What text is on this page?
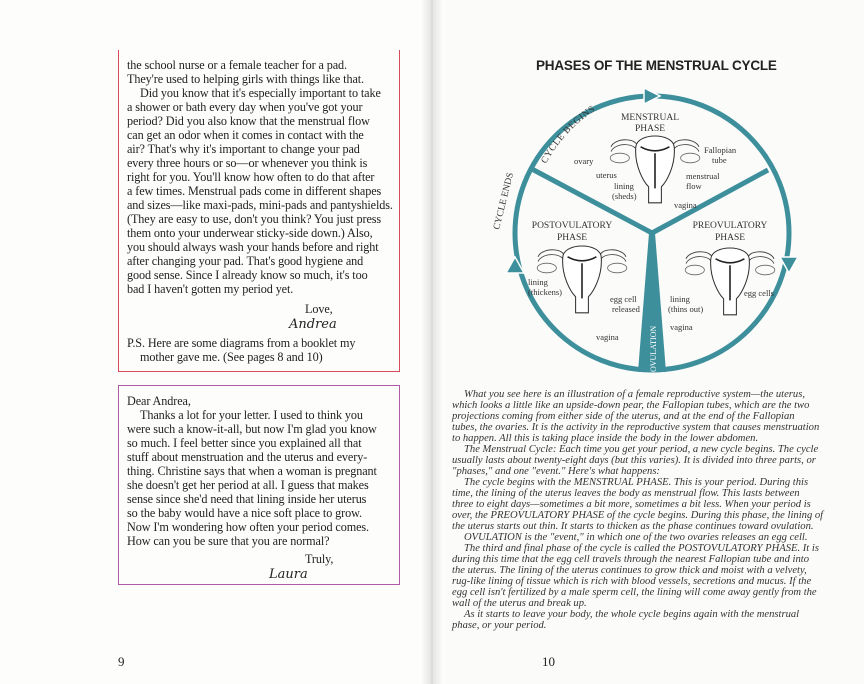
the school nurse or a female teacher for a pad.
They're used to helping girls with things like that.
Did you know that it's especially important to take
a shower or bath every day when you've got your
period? Did you also know that the menstrual flow
can get an odor when it comes in contact with the
air? That's why it's important to change your pad
every three hours or so—or whenever you think is
right for you. You'll know how often to do that after
a few times. Menstrual pads come in different shapes
and sizes—like maxi-pads, mini-pads and pantyshields.
(They are easy to use, don't you think? You just press
them onto your underwear sticky-side down.) Also,
you should always wash your hands before and right
after changing your pad. That's good hygiene and
good sense. Since I already know so much, it's too
bad I haven't gotten my period yet.
Love,
Andrea
P.S. Here are some diagrams from a booklet my
mother gave me. (See pages 8 and 10)
Dear Andrea,
Thanks a lot for your letter. I used to think you
were such a know-it-all, but now I'm glad you know
so much. I feel better since you explained all that
stuff about menstruation and the uterus and every-
thing. Christine says that when a woman is pregnant
she doesn't get her period at all. I guess that makes
sense since she'd need that lining inside her uterus
so the baby would have a nice soft place to grow.
Now I'm wondering how often your period comes.
How can you be sure that you are normal?
Truly,
Laura
9	10
PHASES OF THE MENSTRUAL CYCLE
CYCLE BEGINS
CYCLE ENDS
OVULATION
MENSTRUAL
PHASE
ovary
Fallopian
tube
uterus
lining
(sheds)
menstrual
flow
vagina
POSTOVULATORY
PHASE
lining
(thickens)
egg cell
released
vagina
PREOVULATORY
PHASE
lining
(thins out)
egg cells
vagina
What you see here is an illustration of a female reproductive system—the uterus,
which looks a little like an upside-down pear, the Fallopian tubes, which are the two
projections coming from either side of the uterus, and at the end of the Fallopian
tubes, the ovaries. It is the activity in the reproductive system that causes menstruation
to happen. All this is taking place inside the body in the lower abdomen.
The Menstrual Cycle: Each time you get your period, a new cycle begins. The cycle
usually lasts about twenty-eight days (but this varies). It is divided into three parts, or
"phases," and one "event." Here's what happens:
The cycle begins with the MENSTRUAL PHASE. This is your period. During this
time, the lining of the uterus leaves the body as menstrual flow. This lasts between
three to eight days—sometimes a bit more, sometimes a bit less. When your period is
over, the PREOVULATORY PHASE of the cycle begins. During this phase, the lining of
the uterus starts out thin. It starts to thicken as the phase continues toward ovulation.
OVULATION is the "event," in which one of the two ovaries releases an egg cell.
The third and final phase of the cycle is called the POSTOVULATORY PHASE. It is
during this time that the egg cell travels through the nearest Fallopian tube and into
the uterus. The lining of the uterus continues to grow thick and moist with a velvety,
rug-like lining of tissue which is rich with blood vessels, secretions and mucus. If the
egg cell isn't fertilized by a male sperm cell, the lining will come away gently from the
wall of the uterus and break up.
As it starts to leave your body, the whole cycle begins again with the menstrual
phase, or your period.
